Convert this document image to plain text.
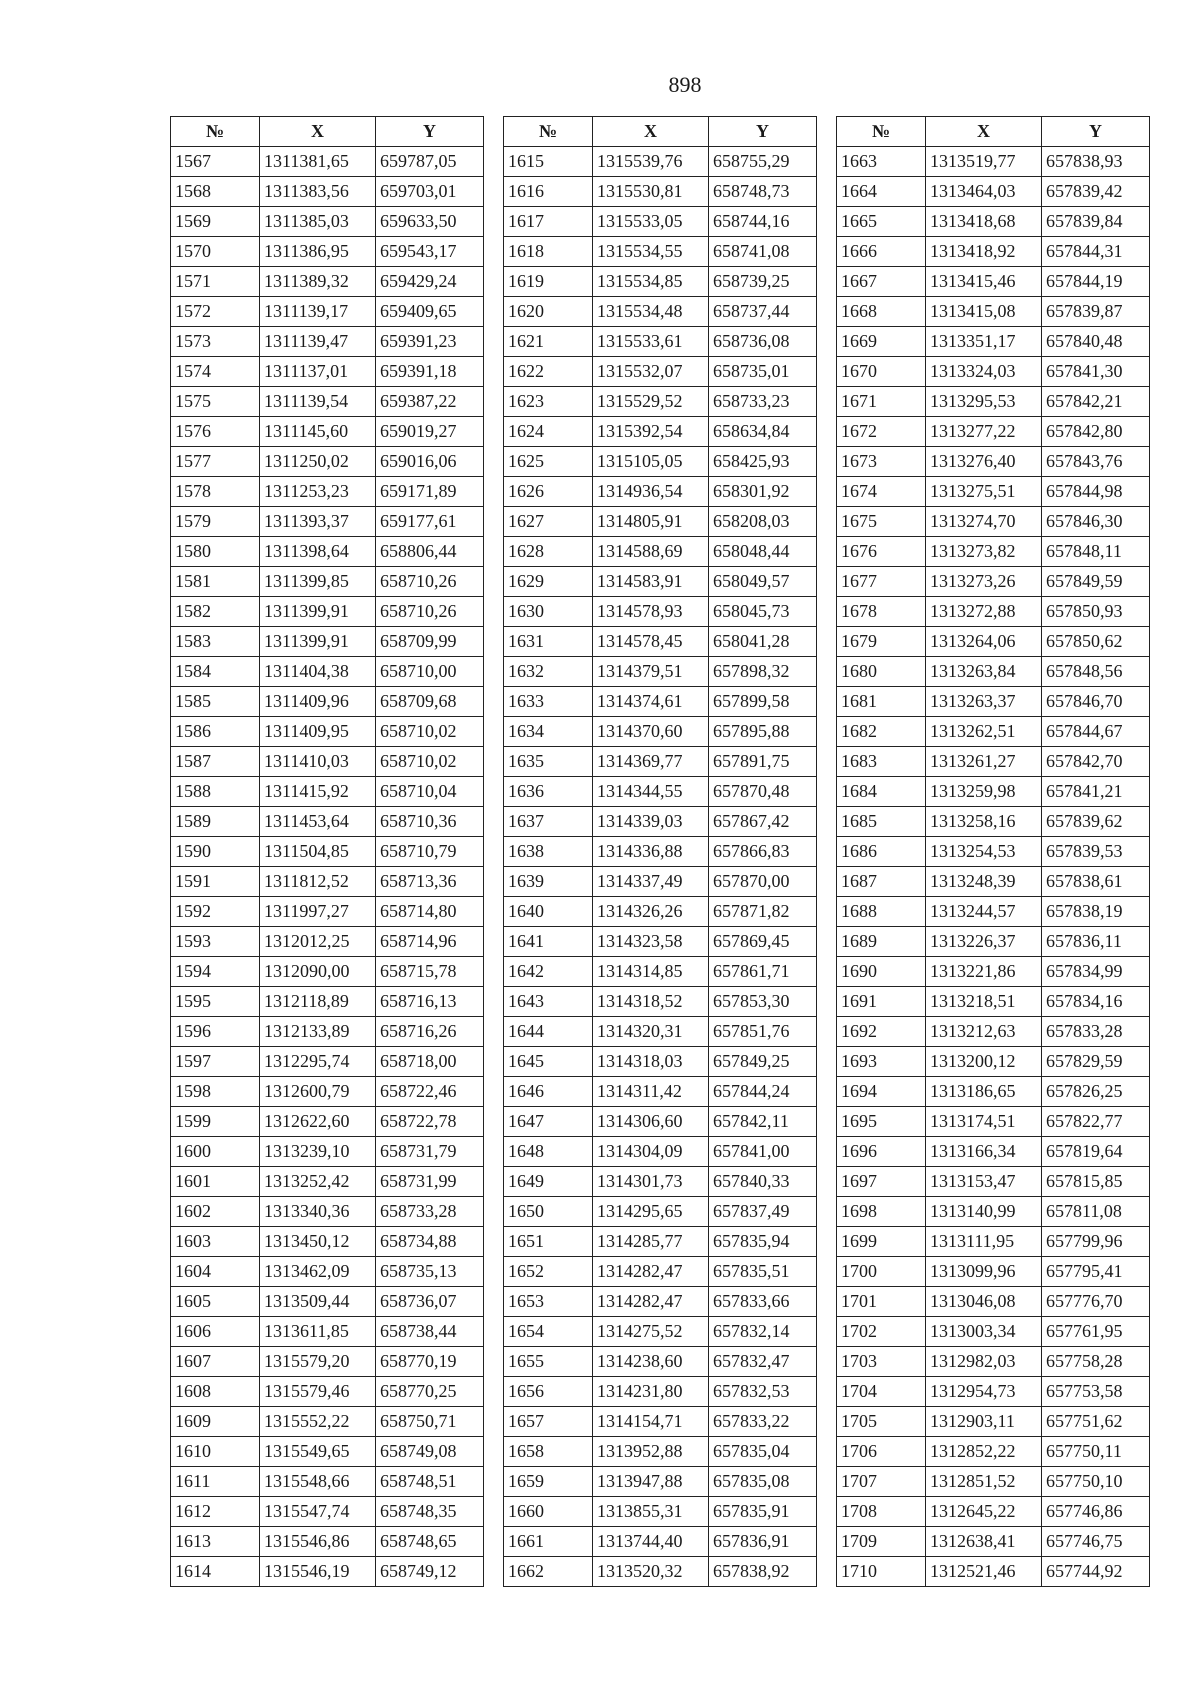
898
№	X	Y
1567	1311381,65	659787,05
1568	1311383,56	659703,01
1569	1311385,03	659633,50
1570	1311386,95	659543,17
1571	1311389,32	659429,24
1572	1311139,17	659409,65
1573	1311139,47	659391,23
1574	1311137,01	659391,18
1575	1311139,54	659387,22
1576	1311145,60	659019,27
1577	1311250,02	659016,06
1578	1311253,23	659171,89
1579	1311393,37	659177,61
1580	1311398,64	658806,44
1581	1311399,85	658710,26
1582	1311399,91	658710,26
1583	1311399,91	658709,99
1584	1311404,38	658710,00
1585	1311409,96	658709,68
1586	1311409,95	658710,02
1587	1311410,03	658710,02
1588	1311415,92	658710,04
1589	1311453,64	658710,36
1590	1311504,85	658710,79
1591	1311812,52	658713,36
1592	1311997,27	658714,80
1593	1312012,25	658714,96
1594	1312090,00	658715,78
1595	1312118,89	658716,13
1596	1312133,89	658716,26
1597	1312295,74	658718,00
1598	1312600,79	658722,46
1599	1312622,60	658722,78
1600	1313239,10	658731,79
1601	1313252,42	658731,99
1602	1313340,36	658733,28
1603	1313450,12	658734,88
1604	1313462,09	658735,13
1605	1313509,44	658736,07
1606	1313611,85	658738,44
1607	1315579,20	658770,19
1608	1315579,46	658770,25
1609	1315552,22	658750,71
1610	1315549,65	658749,08
1611	1315548,66	658748,51
1612	1315547,74	658748,35
1613	1315546,86	658748,65
1614	1315546,19	658749,12
№	X	Y
1615	1315539,76	658755,29
1616	1315530,81	658748,73
1617	1315533,05	658744,16
1618	1315534,55	658741,08
1619	1315534,85	658739,25
1620	1315534,48	658737,44
1621	1315533,61	658736,08
1622	1315532,07	658735,01
1623	1315529,52	658733,23
1624	1315392,54	658634,84
1625	1315105,05	658425,93
1626	1314936,54	658301,92
1627	1314805,91	658208,03
1628	1314588,69	658048,44
1629	1314583,91	658049,57
1630	1314578,93	658045,73
1631	1314578,45	658041,28
1632	1314379,51	657898,32
1633	1314374,61	657899,58
1634	1314370,60	657895,88
1635	1314369,77	657891,75
1636	1314344,55	657870,48
1637	1314339,03	657867,42
1638	1314336,88	657866,83
1639	1314337,49	657870,00
1640	1314326,26	657871,82
1641	1314323,58	657869,45
1642	1314314,85	657861,71
1643	1314318,52	657853,30
1644	1314320,31	657851,76
1645	1314318,03	657849,25
1646	1314311,42	657844,24
1647	1314306,60	657842,11
1648	1314304,09	657841,00
1649	1314301,73	657840,33
1650	1314295,65	657837,49
1651	1314285,77	657835,94
1652	1314282,47	657835,51
1653	1314282,47	657833,66
1654	1314275,52	657832,14
1655	1314238,60	657832,47
1656	1314231,80	657832,53
1657	1314154,71	657833,22
1658	1313952,88	657835,04
1659	1313947,88	657835,08
1660	1313855,31	657835,91
1661	1313744,40	657836,91
1662	1313520,32	657838,92
№	X	Y
1663	1313519,77	657838,93
1664	1313464,03	657839,42
1665	1313418,68	657839,84
1666	1313418,92	657844,31
1667	1313415,46	657844,19
1668	1313415,08	657839,87
1669	1313351,17	657840,48
1670	1313324,03	657841,30
1671	1313295,53	657842,21
1672	1313277,22	657842,80
1673	1313276,40	657843,76
1674	1313275,51	657844,98
1675	1313274,70	657846,30
1676	1313273,82	657848,11
1677	1313273,26	657849,59
1678	1313272,88	657850,93
1679	1313264,06	657850,62
1680	1313263,84	657848,56
1681	1313263,37	657846,70
1682	1313262,51	657844,67
1683	1313261,27	657842,70
1684	1313259,98	657841,21
1685	1313258,16	657839,62
1686	1313254,53	657839,53
1687	1313248,39	657838,61
1688	1313244,57	657838,19
1689	1313226,37	657836,11
1690	1313221,86	657834,99
1691	1313218,51	657834,16
1692	1313212,63	657833,28
1693	1313200,12	657829,59
1694	1313186,65	657826,25
1695	1313174,51	657822,77
1696	1313166,34	657819,64
1697	1313153,47	657815,85
1698	1313140,99	657811,08
1699	1313111,95	657799,96
1700	1313099,96	657795,41
1701	1313046,08	657776,70
1702	1313003,34	657761,95
1703	1312982,03	657758,28
1704	1312954,73	657753,58
1705	1312903,11	657751,62
1706	1312852,22	657750,11
1707	1312851,52	657750,10
1708	1312645,22	657746,86
1709	1312638,41	657746,75
1710	1312521,46	657744,92
